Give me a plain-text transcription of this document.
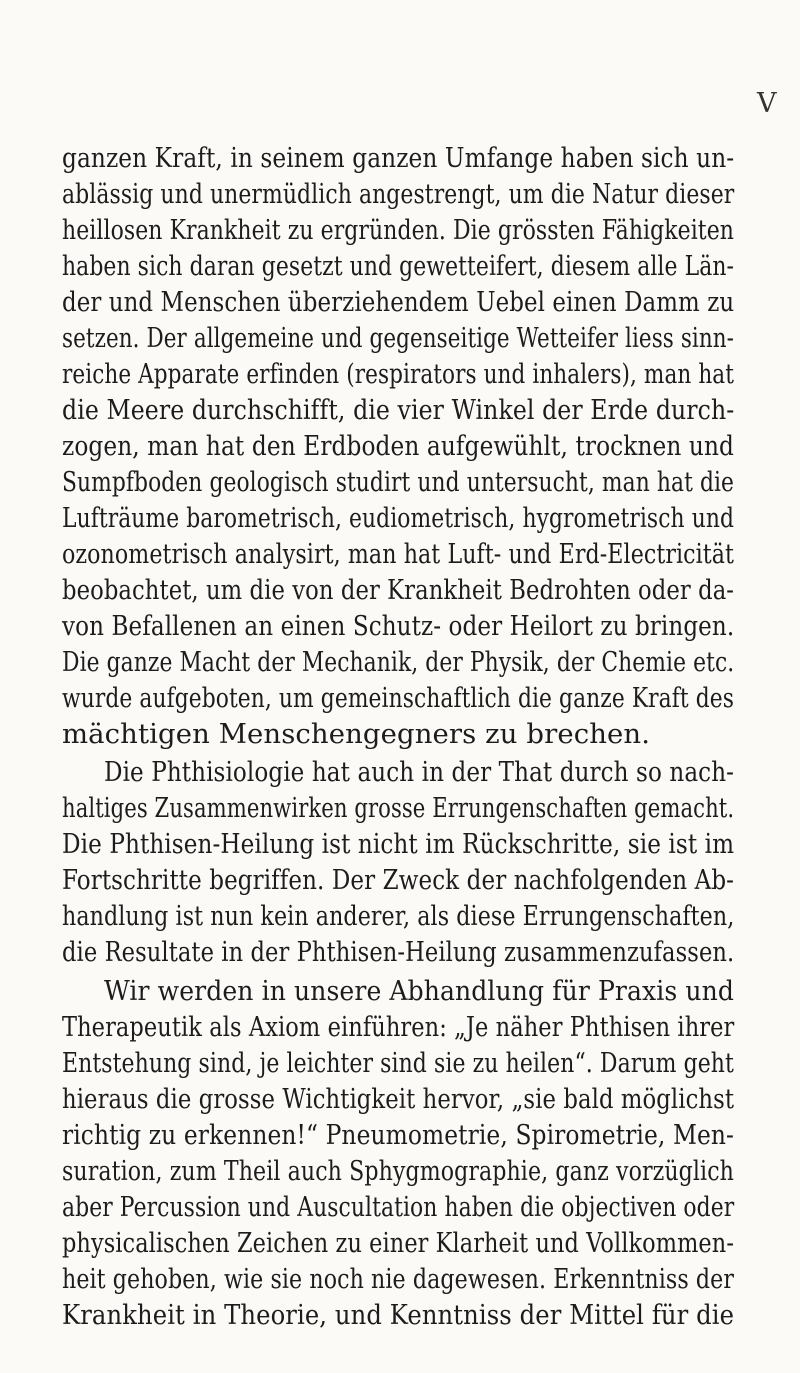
V
ganzen Kraft, in seinem ganzen Umfange haben sich un-
ablässig und unermüdlich angestrengt, um die Natur dieser
heillosen Krankheit zu ergründen. Die grössten Fähigkeiten
haben sich daran gesetzt und gewetteifert, diesem alle Län-
der und Menschen überziehendem Uebel einen Damm zu
setzen. Der allgemeine und gegenseitige Wetteifer liess sinn-
reiche Apparate erfinden (respirators und inhalers), man hat
die Meere durchschifft, die vier Winkel der Erde durch-
zogen, man hat den Erdboden aufgewühlt, trocknen und
Sumpfboden geologisch studirt und untersucht, man hat die
Lufträume barometrisch, eudiometrisch, hygrometrisch und
ozonometrisch analysirt, man hat Luft- und Erd-Electricität
beobachtet, um die von der Krankheit Bedrohten oder da-
von Befallenen an einen Schutz- oder Heilort zu bringen.
Die ganze Macht der Mechanik, der Physik, der Chemie etc.
wurde aufgeboten, um gemeinschaftlich die ganze Kraft des
mächtigen Menschengegners zu brechen.
Die Phthisiologie hat auch in der That durch so nach-
haltiges Zusammenwirken grosse Errungenschaften gemacht.
Die Phthisen-Heilung ist nicht im Rückschritte, sie ist im
Fortschritte begriffen. Der Zweck der nachfolgenden Ab-
handlung ist nun kein anderer, als diese Errungenschaften,
die Resultate in der Phthisen-Heilung zusammenzufassen.
Wir werden in unsere Abhandlung für Praxis und
Therapeutik als Axiom einführen: „Je näher Phthisen ihrer
Entstehung sind, je leichter sind sie zu heilen“. Darum geht
hieraus die grosse Wichtigkeit hervor, „sie bald möglichst
richtig zu erkennen!“ Pneumometrie, Spirometrie, Men-
suration, zum Theil auch Sphygmographie, ganz vorzüglich
aber Percussion und Auscultation haben die objectiven oder
physicalischen Zeichen zu einer Klarheit und Vollkommen-
heit gehoben, wie sie noch nie dagewesen. Erkenntniss der
Krankheit in Theorie, und Kenntniss der Mittel für die
